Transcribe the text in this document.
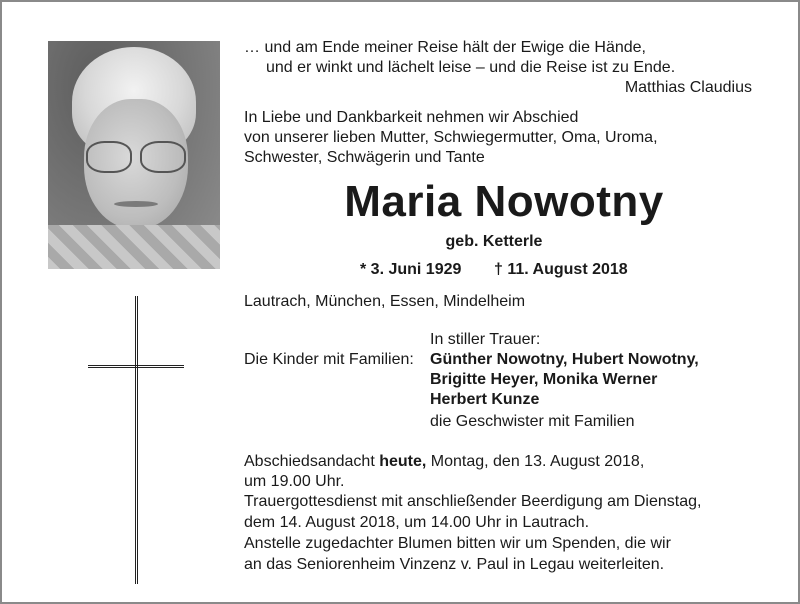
… und am Ende meiner Reise hält der Ewige die Hände,
und er winkt und lächelt leise – und die Reise ist zu Ende.
Matthias Claudius
In Liebe und Dankbarkeit nehmen wir Abschied
von unserer lieben Mutter, Schwiegermutter, Oma, Uroma,
Schwester, Schwägerin und Tante
Maria Nowotny
geb. Ketterle
* 3. Juni 1929 † 11. August 2018
Lautrach, München, Essen, Mindelheim
In stiller Trauer:
Die Kinder mit Familien: Günther Nowotny, Hubert Nowotny,
Brigitte Heyer, Monika Werner
Herbert Kunze
die Geschwister mit Familien
Abschiedsandacht heute, Montag, den 13. August 2018,
um 19.00 Uhr.
Trauergottesdienst mit anschließender Beerdigung am Dienstag,
dem 14. August 2018, um 14.00 Uhr in Lautrach.
Anstelle zugedachter Blumen bitten wir um Spenden, die wir
an das Seniorenheim Vinzenz v. Paul in Legau weiterleiten.
